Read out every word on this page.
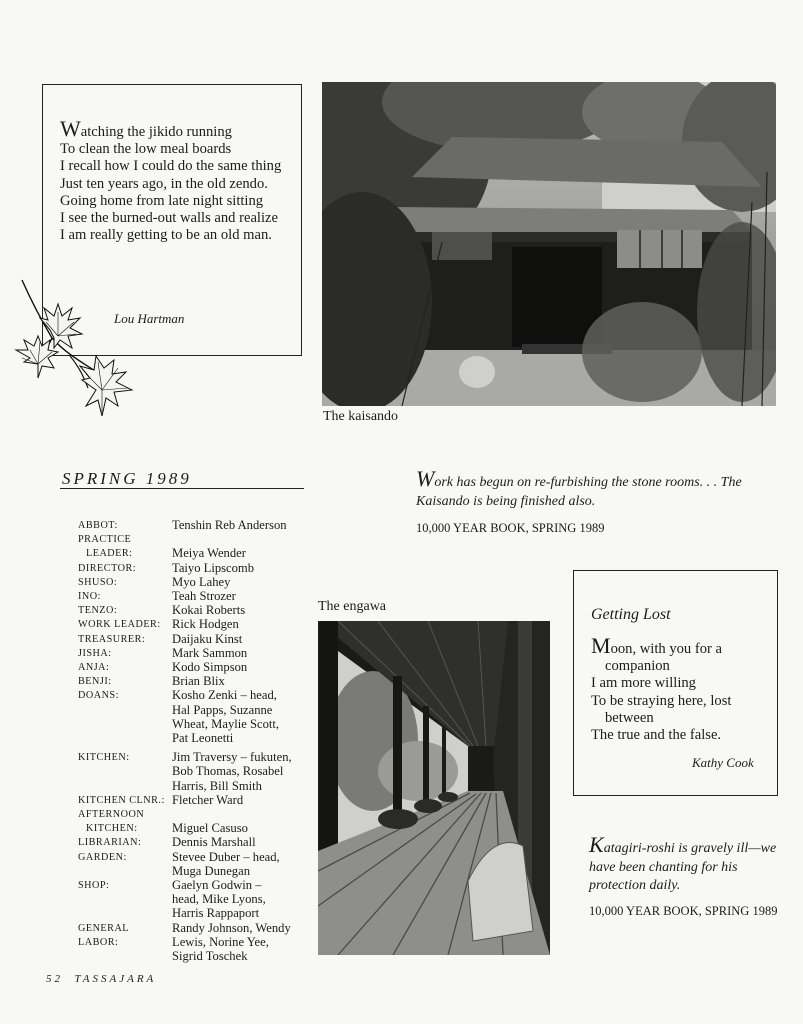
Watching the jikido running
To clean the low meal boards
I recall how I could do the same thing
Just ten years ago, in the old zendo.
Going home from late night sitting
I see the burned-out walls and realize
I am really getting to be an old man.
Lou Hartman
The kaisando
SPRING 1989
ABBOT:	Tenshin Reb Anderson
PRACTICE
LEADER:
	Meiya Wender
DIRECTOR:	Taiyo Lipscomb
SHUSO:	Myo Lahey
INO:	Teah Strozer
TENZO:	Kokai Roberts
WORK LEADER: Rick Hodgen
TREASURER:	Daijaku Kinst
JISHA:	Mark Sammon
ANJA:	Kodo Simpson
BENJI:	Brian Blix
DOANS:	Kosho Zenki – head,
Hal Papps, Suzanne
Wheat, Maylie Scott,
Pat Leonetti
KITCHEN:	Jim Traversy – fukuten,
Bob Thomas, Rosabel
Harris, Bill Smith
KITCHEN CLNR.: Fletcher Ward
AFTERNOON
KITCHEN:
	Miguel Casuso
LIBRARIAN:	Dennis Marshall
GARDEN:	Stevee Duber – head,
Muga Dunegan
SHOP:	Gaelyn Godwin –
head, Mike Lyons,
Harris Rappaport
GENERAL LABOR:
Randy Johnson, Wendy
Lewis, Norine Yee,
Sigrid Toschek
Work has begun on re-furbishing the stone rooms. . . The Kaisando is being finished also.
10,000 YEAR BOOK, SPRING 1989
The engawa	Getting Lost
Moon, with you for a companion
I am more willing
To be straying here, lost between
The true and the false.
Kathy Cook
Katagiri-roshi is gravely ill—we have been chanting for his protection daily.
10,000 YEAR BOOK, SPRING 1989
52 TASSAJARA
